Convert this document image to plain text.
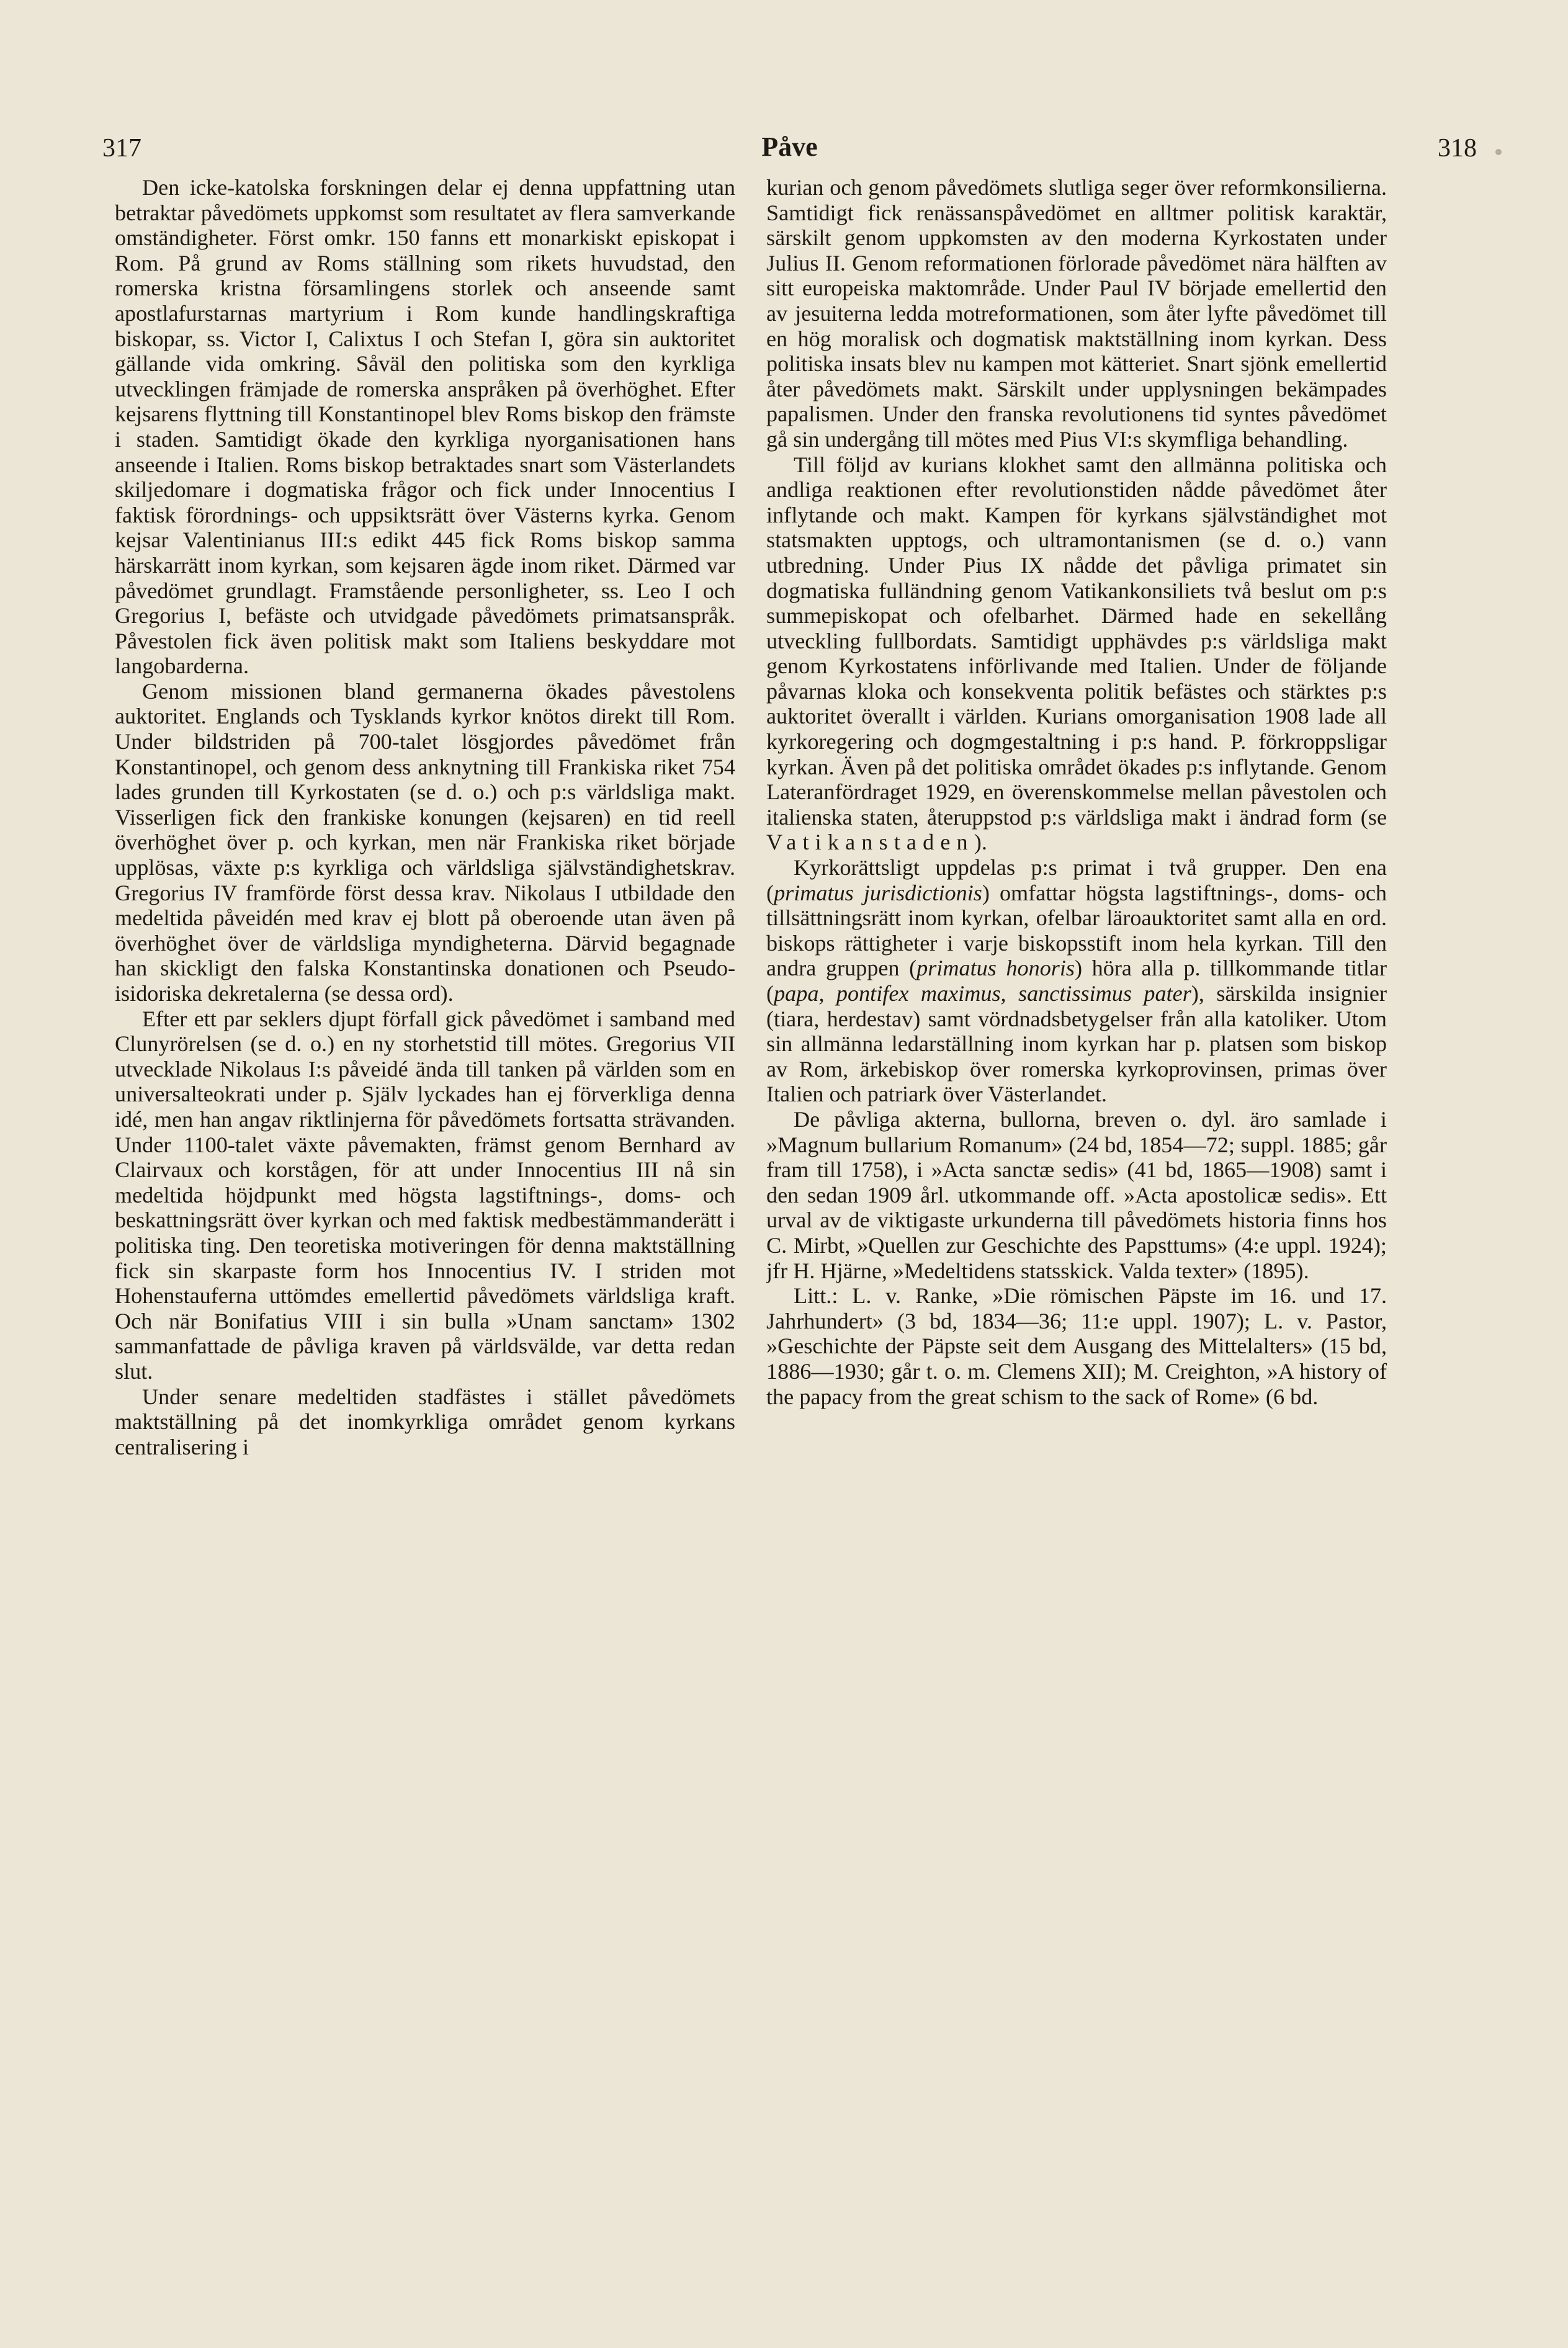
317	Påve	318

Den icke-katolska forskningen delar ej denna uppfattning utan betraktar påvedömets uppkomst som resultatet av flera samverkande omständigheter. Först omkr. 150 fanns ett monarkiskt episkopat i Rom. På grund av Roms ställning som rikets huvudstad, den romerska kristna församlingens storlek och anseende samt apostlafurstarnas martyrium i Rom kunde handlingskraftiga biskopar, ss. Victor I, Calixtus I och Stefan I, göra sin auktoritet gällande vida omkring. Såväl den politiska som den kyrkliga utvecklingen främjade de romerska anspråken på överhöghet. Efter kejsarens flyttning till Konstantinopel blev Roms biskop den främste i staden. Samtidigt ökade den kyrkliga nyorganisationen hans anseende i Italien. Roms biskop betraktades snart som Västerlandets skiljedomare i dogmatiska frågor och fick under Innocentius I faktisk förordnings- och uppsiktsrätt över Västerns kyrka. Genom kejsar Valentinianus III:s edikt 445 fick Roms biskop samma härskarrätt inom kyrkan, som kejsaren ägde inom riket. Därmed var påvedömet grundlagt. Framstående personligheter, ss. Leo I och Gregorius I, befäste och utvidgade påvedömets primatsanspråk. Påvestolen fick även politisk makt som Italiens beskyddare mot langobarderna.

Genom missionen bland germanerna ökades påvestolens auktoritet. Englands och Tysklands kyrkor knötos direkt till Rom. Under bildstriden på 700-talet lösgjordes påvedömet från Konstantinopel, och genom dess anknytning till Frankiska riket 754 lades grunden till Kyrkostaten (se d. o.) och p:s världsliga makt. Visserligen fick den frankiske konungen (kejsaren) en tid reell överhöghet över p. och kyrkan, men när Frankiska riket började upplösas, växte p:s kyrkliga och världsliga självständighetskrav. Gregorius IV framförde först dessa krav. Nikolaus I utbildade den medeltida påveidén med krav ej blott på oberoende utan även på överhöghet över de världsliga myndigheterna. Därvid begagnade han skickligt den falska Konstantinska donationen och Pseudo-isidoriska dekretalerna (se dessa ord).

Efter ett par seklers djupt förfall gick påvedömet i samband med Clunyrörelsen (se d. o.) en ny storhetstid till mötes. Gregorius VII utvecklade Nikolaus I:s påveidé ända till tanken på världen som en universalteokrati under p. Själv lyckades han ej förverkliga denna idé, men han angav riktlinjerna för påvedömets fortsatta strävanden. Under 1100-talet växte påvemakten, främst genom Bernhard av Clairvaux och korstågen, för att under Innocentius III nå sin medeltida höjdpunkt med högsta lagstiftnings-, doms- och beskattningsrätt över kyrkan och med faktisk medbestämmanderätt i politiska ting. Den teoretiska motiveringen för denna maktställning fick sin skarpaste form hos Innocentius IV. I striden mot Hohenstauferna uttömdes emellertid påvedömets världsliga kraft. Och när Bonifatius VIII i sin bulla »Unam sanctam» 1302 sammanfattade de påvliga kraven på världsvälde, var detta redan slut.

Under senare medeltiden stadfästes i stället påvedömets maktställning på det inomkyrkliga området genom kyrkans centralisering i

kurian och genom påvedömets slutliga seger över reformkonsilierna. Samtidigt fick renässanspåvedömet en alltmer politisk karaktär, särskilt genom uppkomsten av den moderna Kyrkostaten under Julius II. Genom reformationen förlorade påvedömet nära hälften av sitt europeiska maktområde. Under Paul IV började emellertid den av jesuiterna ledda motreformationen, som åter lyfte påvedömet till en hög moralisk och dogmatisk maktställning inom kyrkan. Dess politiska insats blev nu kampen mot kätteriet. Snart sjönk emellertid åter påvedömets makt. Särskilt under upplysningen bekämpades papalismen. Under den franska revolutionens tid syntes påvedömet gå sin undergång till mötes med Pius VI:s skymfliga behandling.

Till följd av kurians klokhet samt den allmänna politiska och andliga reaktionen efter revolutionstiden nådde påvedömet åter inflytande och makt. Kampen för kyrkans självständighet mot statsmakten upptogs, och ultramontanismen (se d. o.) vann utbredning. Under Pius IX nådde det påvliga primatet sin dogmatiska fulländning genom Vatikankonsiliets två beslut om p:s summepiskopat och ofelbarhet. Därmed hade en sekellång utveckling fullbordats. Samtidigt upphävdes p:s världsliga makt genom Kyrkostatens införlivande med Italien. Under de följande påvarnas kloka och konsekventa politik befästes och stärktes p:s auktoritet överallt i världen. Kurians omorganisation 1908 lade all kyrkoregering och dogmgestaltning i p:s hand. P. förkroppsligar kyrkan. Även på det politiska området ökades p:s inflytande. Genom Lateranfördraget 1929, en överenskommelse mellan påvestolen och italienska staten, återuppstod p:s världsliga makt i ändrad form (se Vatikanstaden).

Kyrkorättsligt uppdelas p:s primat i två grupper. Den ena (primatus jurisdictionis) omfattar högsta lagstiftnings-, doms- och tillsättningsrätt inom kyrkan, ofelbar läroauktoritet samt alla en ord. biskops rättigheter i varje biskopsstift inom hela kyrkan. Till den andra gruppen (primatus honoris) höra alla p. tillkommande titlar (papa, pontifex maximus, sanctissimus pater), särskilda insignier (tiara, herdestav) samt vördnadsbetygelser från alla katoliker. Utom sin allmänna ledarställning inom kyrkan har p. platsen som biskop av Rom, ärkebiskop över romerska kyrkoprovinsen, primas över Italien och patriark över Västerlandet.

De påvliga akterna, bullorna, breven o. dyl. äro samlade i »Magnum bullarium Romanum» (24 bd, 1854—72; suppl. 1885; går fram till 1758), i »Acta sanctæ sedis» (41 bd, 1865—1908) samt i den sedan 1909 årl. utkommande off. »Acta apostolicæ sedis». Ett urval av de viktigaste urkunderna till påvedömets historia finns hos C. Mirbt, »Quellen zur Geschichte des Papsttums» (4:e uppl. 1924); jfr H. Hjärne, »Medeltidens statsskick. Valda texter» (1895).

Litt.: L. v. Ranke, »Die römischen Päpste im 16. und 17. Jahrhundert» (3 bd, 1834—36; 11:e uppl. 1907); L. v. Pastor, »Geschichte der Päpste seit dem Ausgang des Mittelalters» (15 bd, 1886—1930; går t. o. m. Clemens XII); M. Creighton, »A history of the papacy from the great schism to the sack of Rome» (6 bd.
